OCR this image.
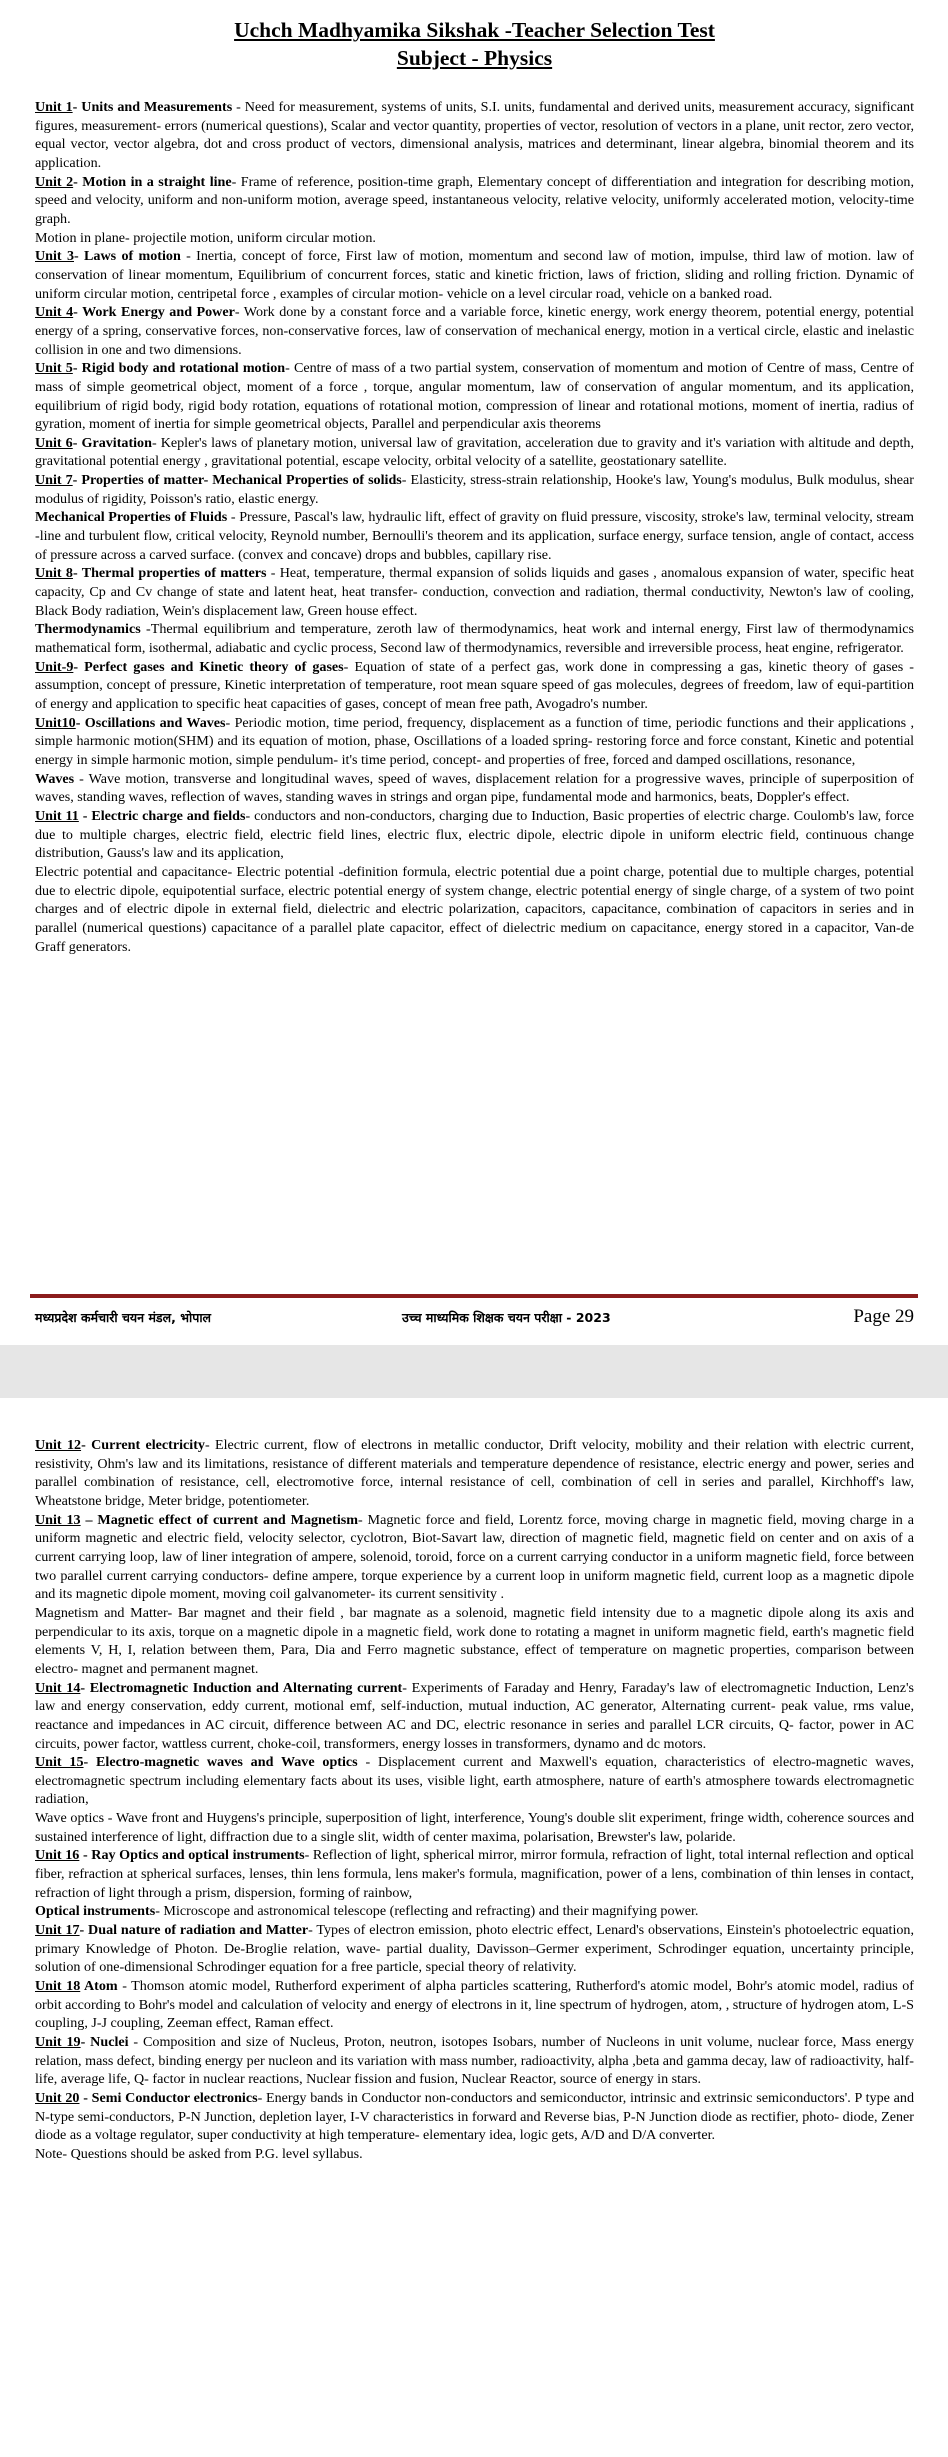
Uchch Madhyamika Sikshak -Teacher Selection Test
Subject - Physics

Unit 1- Units and Measurements - Need for measurement, systems of units, S.I. units, fundamental and derived units, measurement accuracy, significant figures, measurement- errors (numerical questions), Scalar and vector quantity, properties of vector, resolution of vectors in a plane, unit rector, zero vector, equal vector, vector algebra, dot and cross product of vectors, dimensional analysis, matrices and determinant, linear algebra, binomial theorem and its application.

Unit 2- Motion in a straight line- Frame of reference, position-time graph, Elementary concept of differentiation and integration for describing motion, speed and velocity, uniform and non-uniform motion, average speed, instantaneous velocity, relative velocity, uniformly accelerated motion, velocity-time graph.

Motion in plane- projectile motion, uniform circular motion.

Unit 3- Laws of motion - Inertia, concept of force, First law of motion, momentum and second law of motion, impulse, third law of motion. law of conservation of linear momentum, Equilibrium of concurrent forces, static and kinetic friction, laws of friction, sliding and rolling friction. Dynamic of uniform circular motion, centripetal force , examples of circular motion- vehicle on a level circular road, vehicle on a banked road.

Unit 4- Work Energy and Power- Work done by a constant force and a variable force, kinetic energy, work energy theorem, potential energy, potential energy of a spring, conservative forces, non-conservative forces, law of conservation of mechanical energy, motion in a vertical circle, elastic and inelastic collision in one and two dimensions.

Unit 5- Rigid body and rotational motion- Centre of mass of a two partial system, conservation of momentum and motion of Centre of mass, Centre of mass of simple geometrical object, moment of a force , torque, angular momentum, law of conservation of angular momentum, and its application, equilibrium of rigid body, rigid body rotation, equations of rotational motion, compression of linear and rotational motions, moment of inertia, radius of gyration, moment of inertia for simple geometrical objects, Parallel and perpendicular axis theorems

Unit 6- Gravitation- Kepler's laws of planetary motion, universal law of gravitation, acceleration due to gravity and it's variation with altitude and depth, gravitational potential energy , gravitational potential, escape velocity, orbital velocity of a satellite, geostationary satellite.

Unit 7- Properties of matter- Mechanical Properties of solids- Elasticity, stress-strain relationship, Hooke's law, Young's modulus, Bulk modulus, shear modulus of rigidity, Poisson's ratio, elastic energy.

Mechanical Properties of Fluids - Pressure, Pascal's law, hydraulic lift, effect of gravity on fluid pressure, viscosity, stroke's law, terminal velocity, stream -line and turbulent flow, critical velocity, Reynold number, Bernoulli's theorem and its application, surface energy, surface tension, angle of contact, access of pressure across a carved surface. (convex and concave) drops and bubbles, capillary rise.

Unit 8- Thermal properties of matters - Heat, temperature, thermal expansion of solids liquids and gases , anomalous expansion of water, specific heat capacity, Cp and Cv change of state and latent heat, heat transfer- conduction, convection and radiation, thermal conductivity, Newton's law of cooling, Black Body radiation, Wein's displacement law, Green house effect.

Thermodynamics -Thermal equilibrium and temperature, zeroth law of thermodynamics, heat work and internal energy, First law of thermodynamics mathematical form, isothermal, adiabatic and cyclic process, Second law of thermodynamics, reversible and irreversible process, heat engine, refrigerator.

Unit-9- Perfect gases and Kinetic theory of gases- Equation of state of a perfect gas, work done in compressing a gas, kinetic theory of gases - assumption, concept of pressure, Kinetic interpretation of temperature, root mean square speed of gas molecules, degrees of freedom, law of equi-partition of energy and application to specific heat capacities of gases, concept of mean free path, Avogadro's number.

Unit10- Oscillations and Waves- Periodic motion, time period, frequency, displacement as a function of time, periodic functions and their applications , simple harmonic motion(SHM) and its equation of motion, phase, Oscillations of a loaded spring- restoring force and force constant, Kinetic and potential energy in simple harmonic motion, simple pendulum- it's time period, concept- and properties of free, forced and damped oscillations, resonance,

Waves - Wave motion, transverse and longitudinal waves, speed of waves, displacement relation for a progressive waves, principle of superposition of waves, standing waves, reflection of waves, standing waves in strings and organ pipe, fundamental mode and harmonics, beats, Doppler's effect.

Unit 11 - Electric charge and fields- conductors and non-conductors, charging due to Induction, Basic properties of electric charge. Coulomb's law, force due to multiple charges, electric field, electric field lines, electric flux, electric dipole, electric dipole in uniform electric field, continuous change distribution, Gauss's law and its application,

Electric potential and capacitance- Electric potential -definition formula, electric potential due a point charge, potential due to multiple charges, potential due to electric dipole, equipotential surface, electric potential energy of system change, electric potential energy of single charge, of a system of two point charges and of electric dipole in external field, dielectric and electric polarization, capacitors, capacitance, combination of capacitors in series and in parallel (numerical questions) capacitance of a parallel plate capacitor, effect of dielectric medium on capacitance, energy stored in a capacitor, Van-de Graff generators.

मध्यप्रदेश कर्मचारी चयन मंडल, भोपाल	उच्च माध्यमिक शिक्षक चयन परीक्षा - 2023	Page 29

Unit 12- Current electricity- Electric current, flow of electrons in metallic conductor, Drift velocity, mobility and their relation with electric current, resistivity, Ohm's law and its limitations, resistance of different materials and temperature dependence of resistance, electric energy and power, series and parallel combination of resistance, cell, electromotive force, internal resistance of cell, combination of cell in series and parallel, Kirchhoff's law, Wheatstone bridge, Meter bridge, potentiometer.

Unit 13 – Magnetic effect of current and Magnetism- Magnetic force and field, Lorentz force, moving charge in magnetic field, moving charge in a uniform magnetic and electric field, velocity selector, cyclotron, Biot-Savart law, direction of magnetic field, magnetic field on center and on axis of a current carrying loop, law of liner integration of ampere, solenoid, toroid, force on a current carrying conductor in a uniform magnetic field, force between two parallel current carrying conductors- define ampere, torque experience by a current loop in uniform magnetic field, current loop as a magnetic dipole and its magnetic dipole moment, moving coil galvanometer- its current sensitivity .

Magnetism and Matter- Bar magnet and their field , bar magnate as a solenoid, magnetic field intensity due to a magnetic dipole along its axis and perpendicular to its axis, torque on a magnetic dipole in a magnetic field, work done to rotating a magnet in uniform magnetic field, earth's magnetic field elements V, H, I, relation between them, Para, Dia and Ferro magnetic substance, effect of temperature on magnetic properties, comparison between electro- magnet and permanent magnet.

Unit 14- Electromagnetic Induction and Alternating current- Experiments of Faraday and Henry, Faraday's law of electromagnetic Induction, Lenz's law and energy conservation, eddy current, motional emf, self-induction, mutual induction, AC generator, Alternating current- peak value, rms value, reactance and impedances in AC circuit, difference between AC and DC, electric resonance in series and parallel LCR circuits, Q- factor, power in AC circuits, power factor, wattless current, choke-coil, transformers, energy losses in transformers, dynamo and dc motors.

Unit 15- Electro-magnetic waves and Wave optics - Displacement current and Maxwell's equation, characteristics of electro-magnetic waves, electromagnetic spectrum including elementary facts about its uses, visible light, earth atmosphere, nature of earth's atmosphere towards electromagnetic radiation,

Wave optics - Wave front and Huygens's principle, superposition of light, interference, Young's double slit experiment, fringe width, coherence sources and sustained interference of light, diffraction due to a single slit, width of center maxima, polarisation, Brewster's law, polaride.

Unit 16 - Ray Optics and optical instruments- Reflection of light, spherical mirror, mirror formula, refraction of light, total internal reflection and optical fiber, refraction at spherical surfaces, lenses, thin lens formula, lens maker's formula, magnification, power of a lens, combination of thin lenses in contact, refraction of light through a prism, dispersion, forming of rainbow,

Optical instruments- Microscope and astronomical telescope (reflecting and refracting) and their magnifying power.

Unit 17- Dual nature of radiation and Matter- Types of electron emission, photo electric effect, Lenard's observations, Einstein's photoelectric equation, primary Knowledge of Photon. De-Broglie relation, wave- partial duality, Davisson–Germer experiment, Schrodinger equation, uncertainty principle, solution of one-dimensional Schrodinger equation for a free particle, special theory of relativity.

Unit 18 Atom - Thomson atomic model, Rutherford experiment of alpha particles scattering, Rutherford's atomic model, Bohr's atomic model, radius of orbit according to Bohr's model and calculation of velocity and energy of electrons in it, line spectrum of hydrogen, atom, , structure of hydrogen atom, L-S coupling, J-J coupling, Zeeman effect, Raman effect.

Unit 19- Nuclei - Composition and size of Nucleus, Proton, neutron, isotopes Isobars, number of Nucleons in unit volume, nuclear force, Mass energy relation, mass defect, binding energy per nucleon and its variation with mass number, radioactivity, alpha ,beta and gamma decay, law of radioactivity, half- life, average life, Q- factor in nuclear reactions, Nuclear fission and fusion, Nuclear Reactor, source of energy in stars.

Unit 20 - Semi Conductor electronics- Energy bands in Conductor non-conductors and semiconductor, intrinsic and extrinsic semiconductors'. P type and N-type semi-conductors, P-N Junction, depletion layer, I-V characteristics in forward and Reverse bias, P-N Junction diode as rectifier, photo- diode, Zener diode as a voltage regulator, super conductivity at high temperature- elementary idea, logic gets, A/D and D/A converter.

Note- Questions should be asked from P.G. level syllabus.
